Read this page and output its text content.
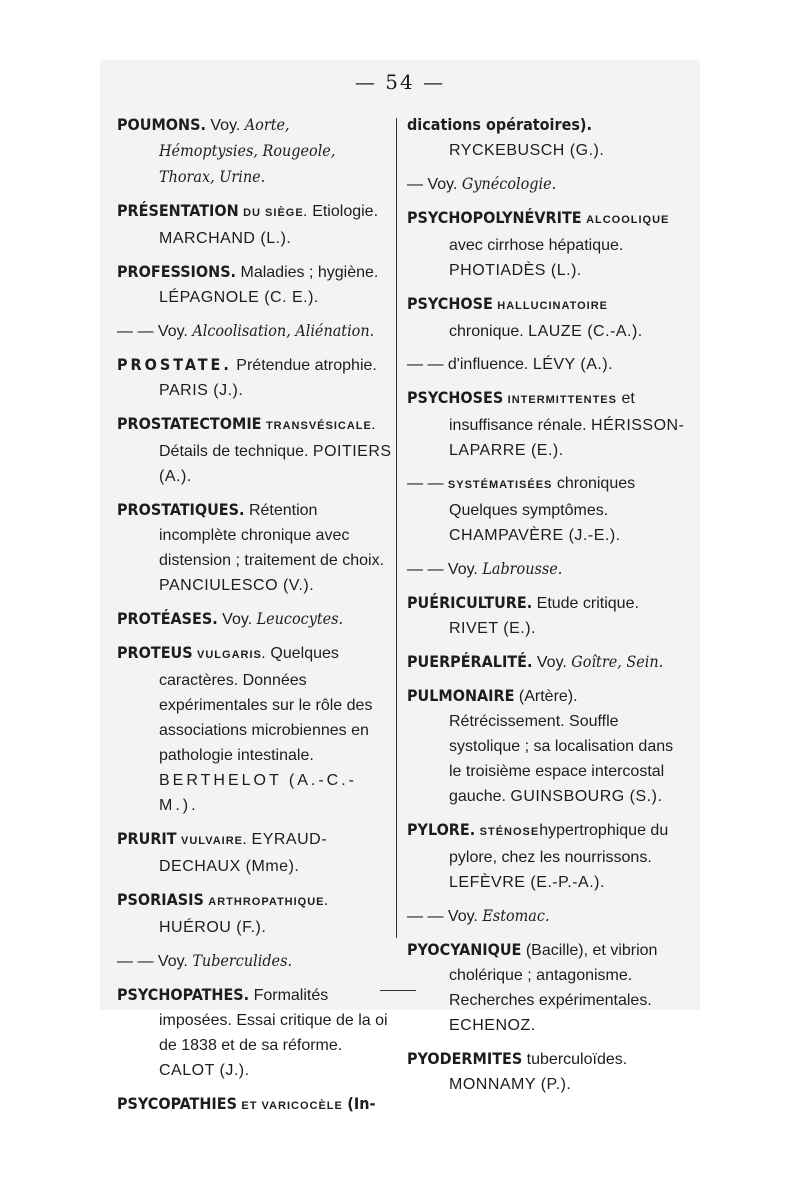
— 54 —

POUMONS. Voy. Aorte, Hémoptysies, Rougeole, Thorax, Urine.

PRÉSENTATION DU SIÈGE. Etiologie. MARCHAND (L.).

PROFESSIONS. Maladies ; hygiène. LÉPAGNOLE (C. E.).

— — Voy. Alcoolisation, Aliénation.

PROSTATE. Prétendue atrophie. PARIS (J.).

PROSTATECTOMIE TRANSVÉSICALE. Détails de technique. POITIERS (A.).

PROSTATIQUES. Rétention incomplète chronique avec distension ; traitement de choix. PANCIULESCO (V.).

PROTÉASES. Voy. Leucocytes.

PROTEUS VULGARIS. Quelques caractères. Données expérimentales sur le rôle des associations microbiennes en pathologie intestinale. BERTHELOT (A.-C.-M.).

PRURIT VULVAIRE. EYRAUD-DECHAUX (Mme).

PSORIASIS ARTHROPATHIQUE. HUÉROU (F.).

— — Voy. Tuberculides.

PSYCHOPATHES. Formalités imposées. Essai critique de la oi de 1838 et de sa réforme. CALOT (J.).

PSYCOPATHIES ET VARICOCÈLE (In-

dications opératoires). RYCKEBUSCH (G.).

— Voy. Gynécologie.

PSYCHOPOLYNÉVRITE ALCOOLIQUE avec cirrhose hépatique. PHOTIADÈS (L.).

PSYCHOSE HALLUCINATOIRE chronique. LAUZE (C.-A.).

— — d'influence. LÉVY (A.).

PSYCHOSES INTERMITTENTES et insuffisance rénale. HÉRISSON-LAPARRE (E.).

— — SYSTÉMATISÉES chroniques Quelques symptômes. CHAMPAVÈRE (J.-E.).

— — Voy. Labrousse.

PUÉRICULTURE. Etude critique. RIVET (E.).

PUERPÉRALITÉ. Voy. Goître, Sein.

PULMONAIRE (Artère). Rétrécissement. Souffle systolique ; sa localisation dans le troisième espace intercostal gauche. GUINSBOURG (S.).

PYLORE. STÉNOSEhypertrophique du pylore, chez les nourrissons. LEFÈVRE (E.-P.-A.).

— — Voy. Estomac.

PYOCYANIQUE (Bacille), et vibrion cholérique ; antagonisme. Recherches expérimentales. ECHENOZ.

PYODERMITES tuberculoïdes. MONNAMY (P.).
